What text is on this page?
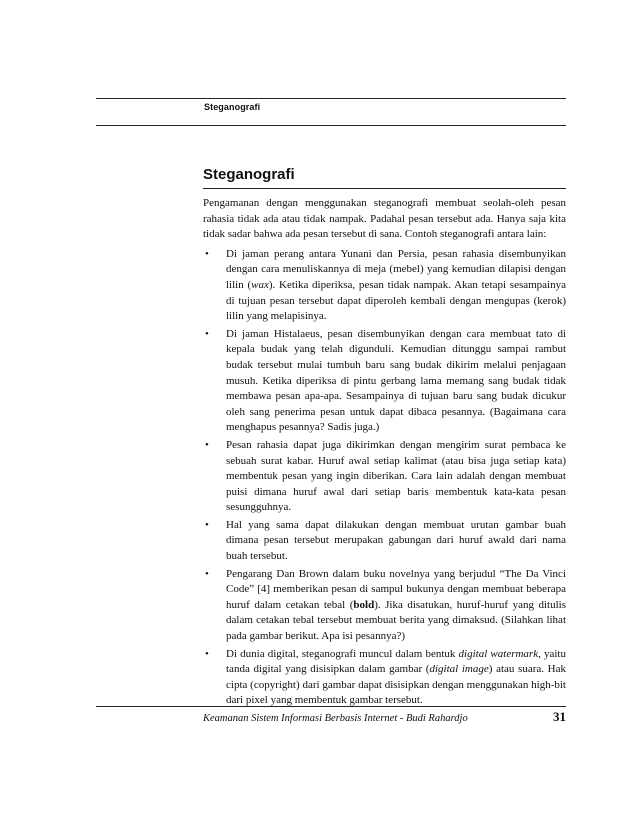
Steganografi
Steganografi

Pengamanan dengan menggunakan steganografi membuat seolah-oleh pesan rahasia tidak ada atau tidak nampak. Padahal pesan tersebut ada. Hanya saja kita tidak sadar bahwa ada pesan tersebut di sana. Contoh steganografi antara lain:

• Di jaman perang antara Yunani dan Persia, pesan rahasia disembunyikan dengan cara menuliskannya di meja (mebel) yang kemudian dilapisi dengan lilin (wax). Ketika diperiksa, pesan tidak nampak. Akan tetapi sesampainya di tujuan pesan tersebut dapat diperoleh kembali dengan mengupas (kerok) lilin yang melapisinya.
• Di jaman Histalaeus, pesan disembunyikan dengan cara membuat tato di kepala budak yang telah digunduli. Kemudian ditunggu sampai rambut budak tersebut mulai tumbuh baru sang budak dikirim melalui penjagaan musuh. Ketika diperiksa di pintu gerbang lama memang sang budak tidak membawa pesan apa-apa. Sesampainya di tujuan baru sang budak dicukur oleh sang penerima pesan untuk dapat dibaca pesannya. (Bagaimana cara menghapus pesannya? Sadis juga.)
• Pesan rahasia dapat juga dikirimkan dengan mengirim surat pembaca ke sebuah surat kabar. Huruf awal setiap kalimat (atau bisa juga setiap kata) membentuk pesan yang ingin diberikan. Cara lain adalah dengan membuat puisi dimana huruf awal dari setiap baris membentuk kata-kata pesan sesungguhnya.
• Hal yang sama dapat dilakukan dengan membuat urutan gambar buah dimana pesan tersebut merupakan gabungan dari huruf awald dari nama buah tersebut.
• Pengarang Dan Brown dalam buku novelnya yang berjudul “The Da Vinci Code” [4] memberikan pesan di sampul bukunya dengan membuat beberapa huruf dalam cetakan tebal (bold). Jika disatukan, huruf-huruf yang ditulis dalam cetakan tebal tersebut membuat berita yang dimaksud. (Silahkan lihat pada gambar berikut. Apa isi pesannya?)
• Di dunia digital, steganografi muncul dalam bentuk digital watermark, yaitu tanda digital yang disisipkan dalam gambar (digital image) atau suara. Hak cipta (copyright) dari gambar dapat disisipkan dengan menggunakan high-bit dari pixel yang membentuk gambar tersebut.
Keamanan Sistem Informasi Berbasis Internet - Budi Rahardjo	31
